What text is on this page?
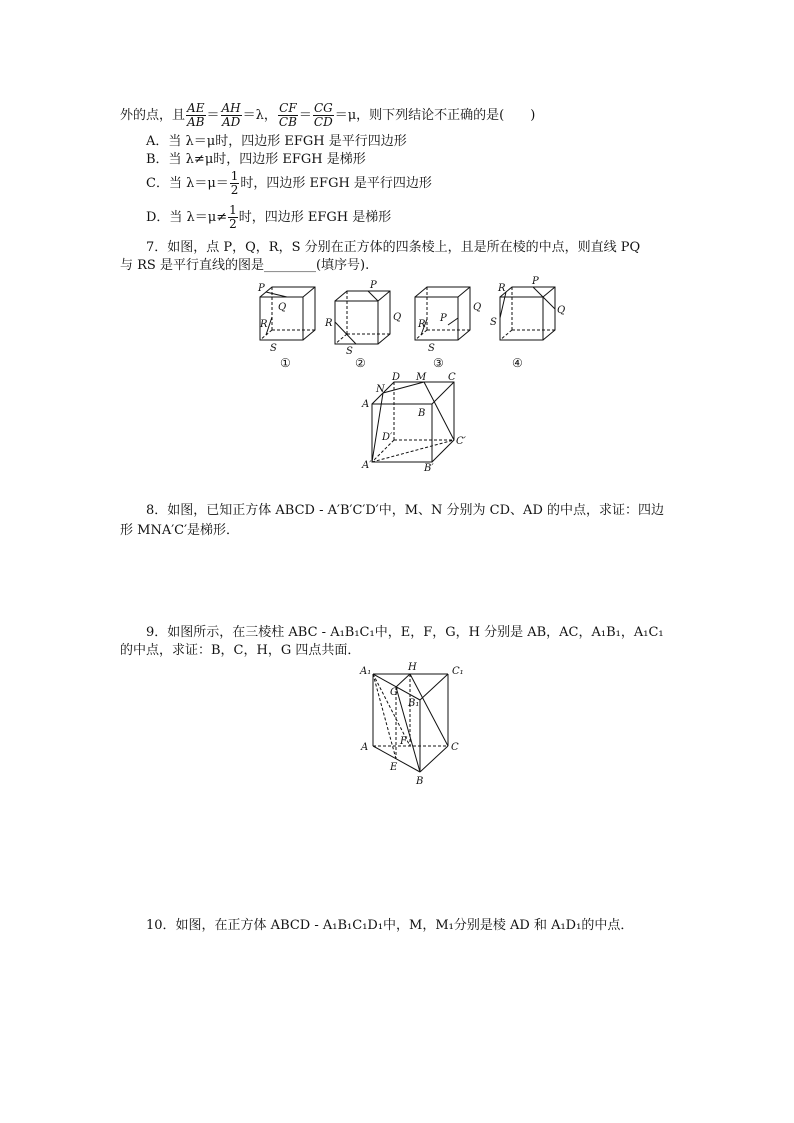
外的点，且 $\frac{AE}{AB} = \frac{AH}{AD} =\lambda$， $\frac{CF}{CB} = \frac{CG}{CD} =\mu$，则下列结论不正确的是(　　)
A．当 λ＝μ时，四边形 EFGH 是平行四边形
B．当 λ≠μ时，四边形 EFGH 是梯形
C．当 $\lambda=\mu= \frac{1}{2}$ 时，四边形 EFGH 是平行四边形
D．当 $\lambda=\mu\ne \frac{1}{2}$ 时，四边形 EFGH 是梯形
7．如图，点 P，Q，R，S 分别在正方体的四条棱上，且是所在棱的中点，则直线 PQ
与 RS 是平行直线的图是________(填序号).
P
Q
R
S
P
Q
R
S
P
Q
R
S
P
Q
R
S
①	②	③	④
D M C
N
A
B
D′	C′
A′	B′
8．如图，已知正方体 ABCD - A′B′C′D′中，M、N 分别为 CD、AD 的中点，求证：四边
形 MNA′C′是梯形．
9．如图所示，在三棱柱 ABC - A₁B₁C₁中，E，F，G，H 分别是 AB，AC，A₁B₁，A₁C₁
的中点，求证：B，C，H，G 四点共面．
A₁	H	C₁
G
B₁
F
A	C
E
B
10．如图，在正方体 ABCD - A₁B₁C₁D₁中，M，M₁分别是棱 AD 和 A₁D₁的中点．
